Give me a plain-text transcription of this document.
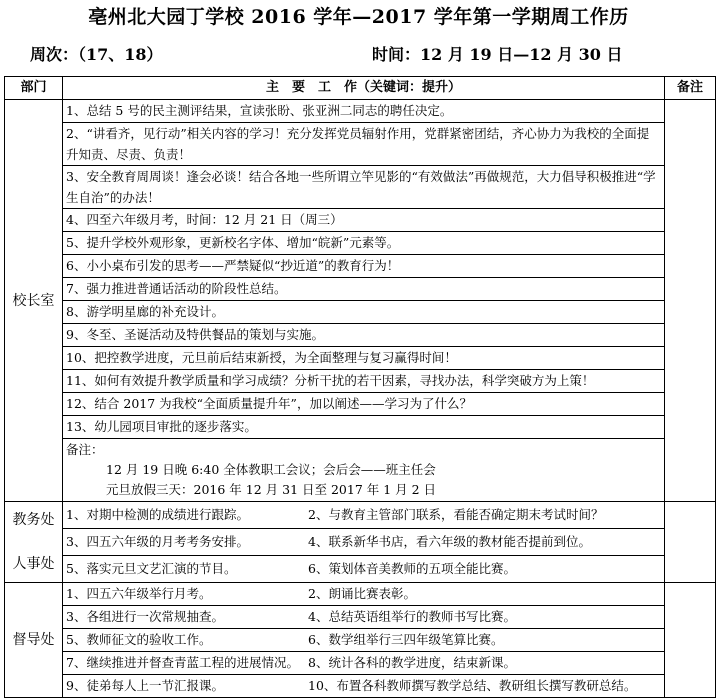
亳州北大园丁学校 2016 学年—2017 学年第一学期周工作历
周次：（17、18）	时间：12 月 19 日—12 月 30 日
部门	主　要　工　作（关键词：提升）	备注
校长室	1、总结 5 号的民主测评结果，宣读张盼、张亚洲二同志的聘任决定。	
	2、“讲看齐，见行动”相关内容的学习！充分发挥党员辐射作用，党群紧密团结，齐心协力为我校的全面提升知责、尽责、负责！	
	3、安全教育周周谈！逢会必谈！结合各地一些所谓立竿见影的“有效做法”再做规范，大力倡导积极推进“学生自治”的办法！	
	4、四至六年级月考，时间：12 月 21 日（周三）	
	5、提升学校外观形象，更新校名字体、增加“皖新”元素等。	
	6、小小桌布引发的思考——严禁疑似“抄近道”的教育行为！	
	7、强力推进普通话活动的阶段性总结。	
	8、游学明星廊的补充设计。	
	9、冬至、圣诞活动及特供餐品的策划与实施。	
	10、把控教学进度，元旦前后结束新授，为全面整理与复习赢得时间！	
	11、如何有效提升教学质量和学习成绩？分析干扰的若干因素，寻找办法，科学突破方为上策！	
	12、结合 2017 为我校“全面质量提升年”，加以阐述——学习为了什么？	
	13、幼儿园项目审批的逐步落实。	

	备注：
12 月 19 日晚 6:40 全体教职工会议；会后会——班主任会
元旦放假三天：2016 年 12 月 31 日至 2017 年 1 月 2 日	

教务处
人事处	1、对期中检测的成绩进行跟踪。 2、与教育主管部门联系，看能否确定期末考试时间？	
	3、四五六年级的月考考务安排。 4、联系新华书店，看六年级的教材能否提前到位。	
	5、落实元旦文艺汇演的节目。 6、策划体音美教师的五项全能比赛。	
督导处	1、四五六年级举行月考。 2、朗诵比赛表彰。	
	3、各组进行一次常规抽查。 4、总结英语组举行的教师书写比赛。	
	5、教师征文的验收工作。 6、数学组举行三四年级笔算比赛。	
	7、继续推进并督查青蓝工程的进展情况。 8、统计各科的教学进度，结束新课。	
	9、徒弟每人上一节汇报课。 10、布置各科教师撰写教学总结、教研组长撰写教研总结。	
